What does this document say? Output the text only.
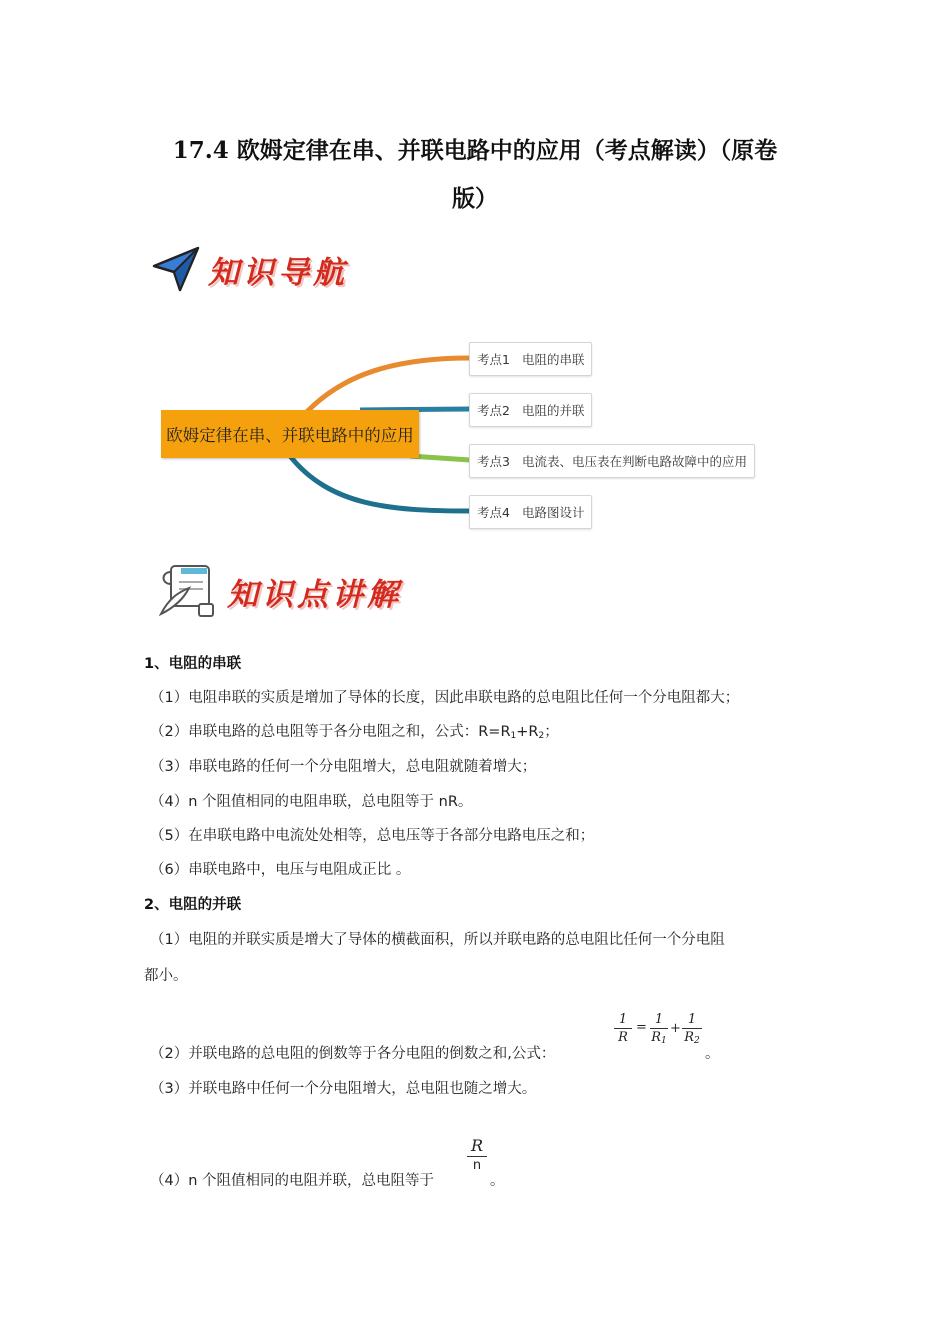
17.4 欧姆定律在串、并联电路中的应用（考点解读）（原卷
版）
知识导航
欧姆定律在串、并联电路中的应用
考点1 电阻的串联
考点2 电阻的并联
考点3 电流表、电压表在判断电路故障中的应用
考点4 电路图设计
知识点讲解
1、电阻的串联
（1）电阻串联的实质是增加了导体的长度，因此串联电路的总电阻比任何一个分电阻都大；
（2）串联电路的总电阻等于各分电阻之和，公式：$R=R_1+R_2$；
（3）串联电路的任何一个分电阻增大，总电阻就随着增大；
（4）n 个阻值相同的电阻串联，总电阻等于 nR。
（5）在串联电路中电流处处相等，总电压等于各部分电路电压之和；
（6）串联电路中，电压与电阻成正比 。
2、电阻的并联
（1）电阻的并联实质是增大了导体的横截面积，所以并联电路的总电阻比任何一个分电阻
都小。
（2）并联电路的总电阻的倒数等于各分电阻的倒数之和,公式：
1
R
=
1
$R_1$
+
1
$R_2$
。
（3）并联电路中任何一个分电阻增大，总电阻也随之增大。
（4）n 个阻值相同的电阻并联，总电阻等于
R
n
。
